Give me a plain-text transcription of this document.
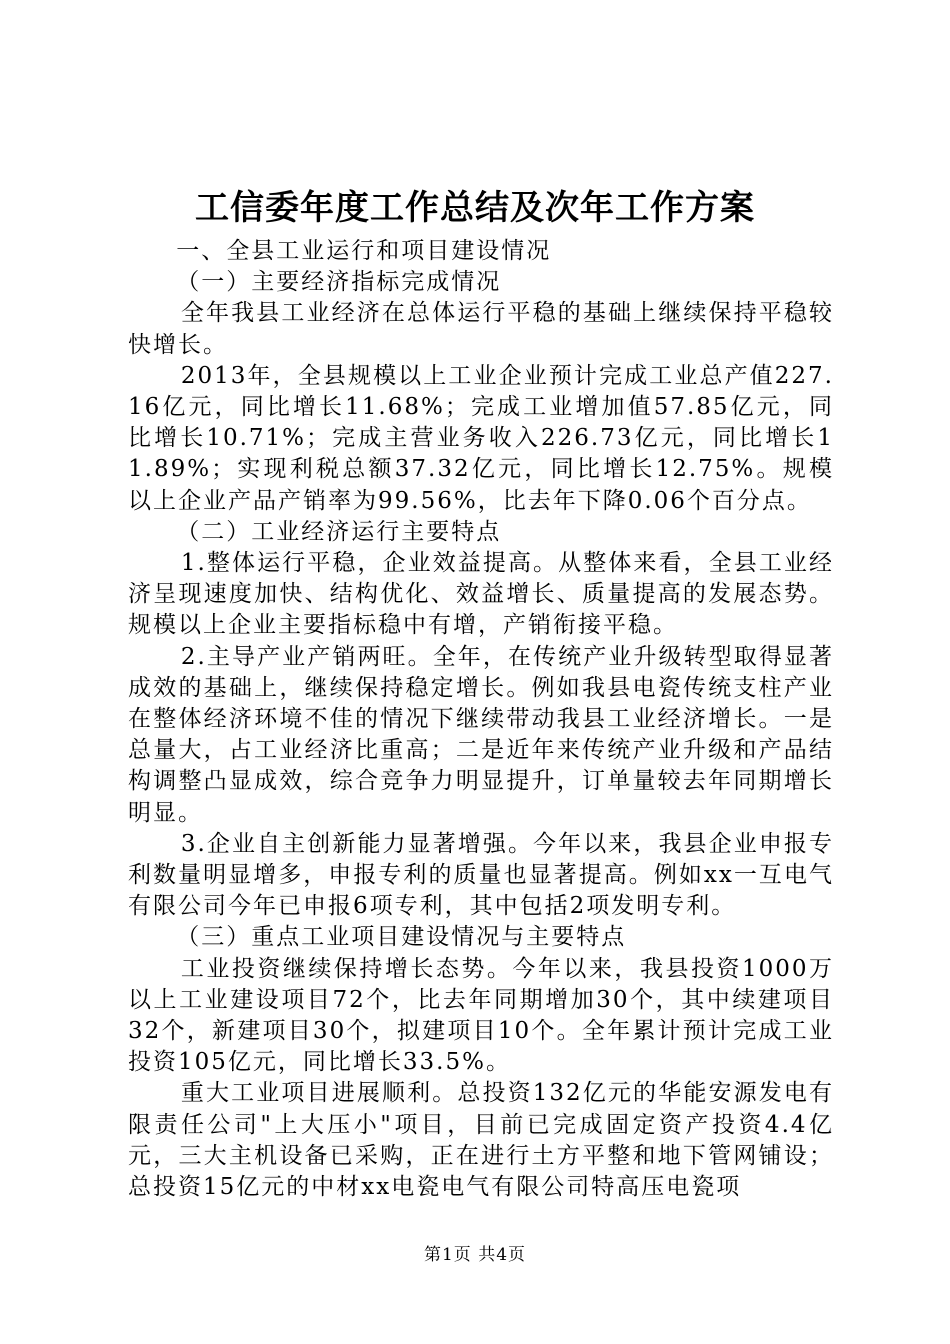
工信委年度工作总结及次年工作方案

一、全县工业运行和项目建设情况

（一）主要经济指标完成情况

全年我县工业经济在总体运行平稳的基础上继续保持平稳较快增长。

2013年，全县规模以上工业企业预计完成工业总产值227.16亿元，同比增长11.68%；完成工业增加值57.85亿元，同比增长10.71%；完成主营业务收入226.73亿元，同比增长11.89%；实现利税总额37.32亿元，同比增长12.75%。规模以上企业产品产销率为99.56%，比去年下降0.06个百分点。

（二）工业经济运行主要特点

1.整体运行平稳，企业效益提高。从整体来看，全县工业经济呈现速度加快、结构优化、效益增长、质量提高的发展态势。规模以上企业主要指标稳中有增，产销衔接平稳。

2.主导产业产销两旺。全年，在传统产业升级转型取得显著成效的基础上，继续保持稳定增长。例如我县电瓷传统支柱产业在整体经济环境不佳的情况下继续带动我县工业经济增长。一是总量大，占工业经济比重高；二是近年来传统产业升级和产品结构调整凸显成效，综合竞争力明显提升，订单量较去年同期增长明显。

3.企业自主创新能力显著增强。今年以来，我县企业申报专利数量明显增多，申报专利的质量也显著提高。例如xx一互电气有限公司今年已申报6项专利，其中包括2项发明专利。

（三）重点工业项目建设情况与主要特点

工业投资继续保持增长态势。今年以来，我县投资1000万以上工业建设项目72个，比去年同期增加30个，其中续建项目32个，新建项目30个，拟建项目10个。全年累计预计完成工业投资105亿元，同比增长33.5%。

重大工业项目进展顺利。总投资132亿元的华能安源发电有限责任公司"上大压小"项目，目前已完成固定资产投资4.4亿元，三大主机设备已采购，正在进行土方平整和地下管网铺设；总投资15亿元的中材xx电瓷电气有限公司特高压电瓷项

第1页 共4页
